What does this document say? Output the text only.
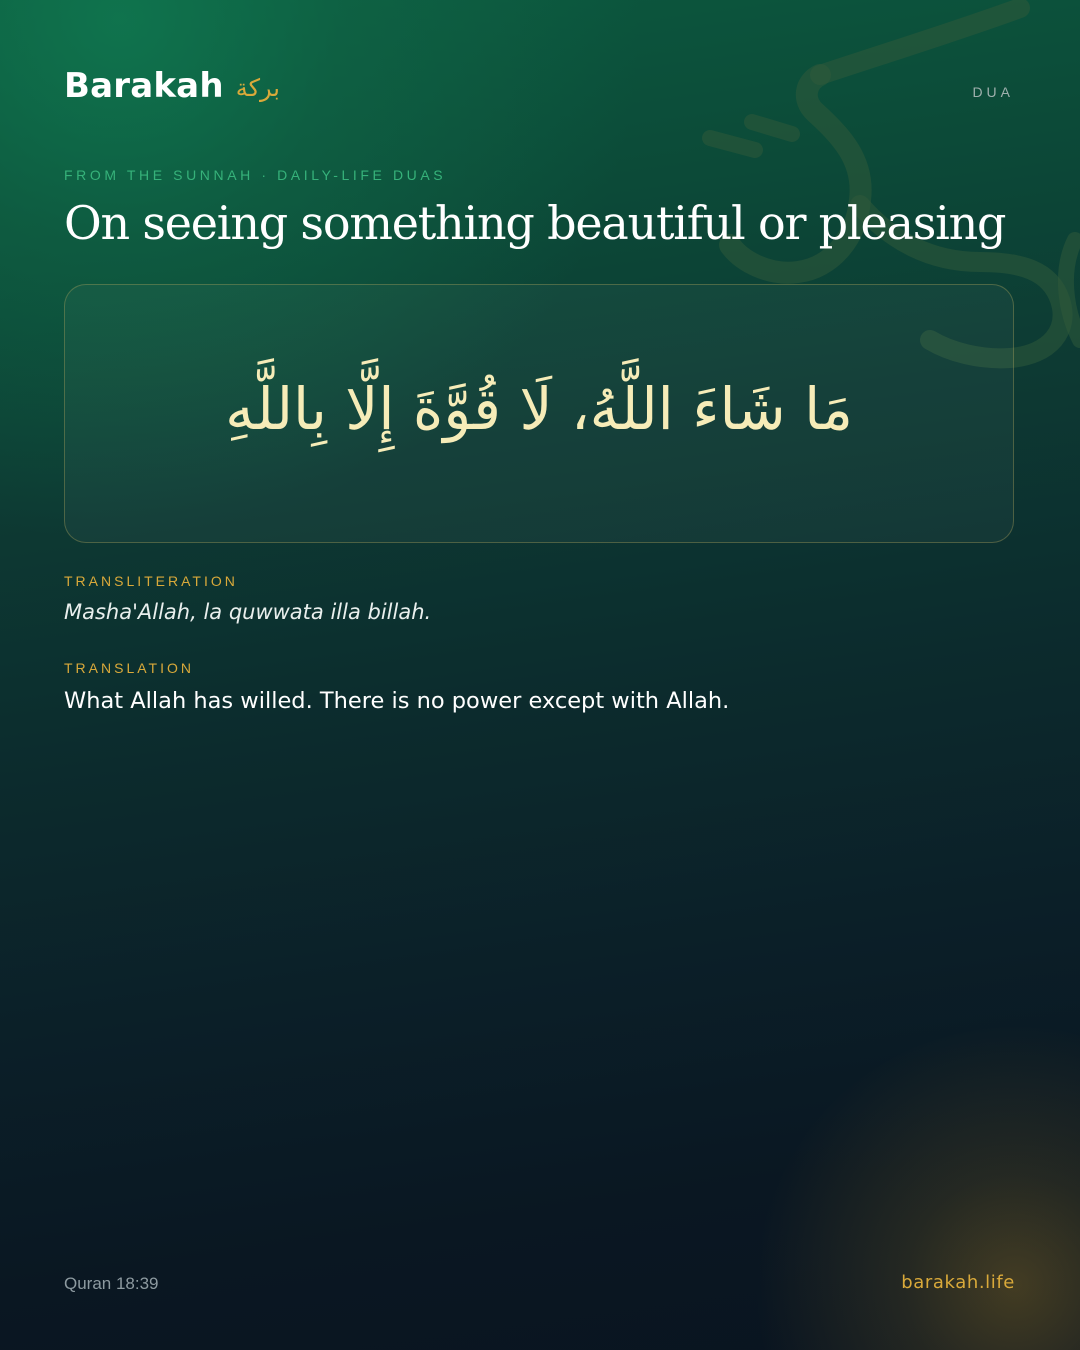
Barakah بركة	DUA
FROM THE SUNNAH · DAILY-LIFE DUAS
On seeing something beautiful or pleasing
مَا شَاءَ اللَّهُ، لَا قُوَّةَ إِلَّا بِاللَّهِ
TRANSLITERATION
Masha'Allah, la quwwata illa billah.
TRANSLATION
What Allah has willed. There is no power except with Allah.
Quran 18:39	barakah.life
